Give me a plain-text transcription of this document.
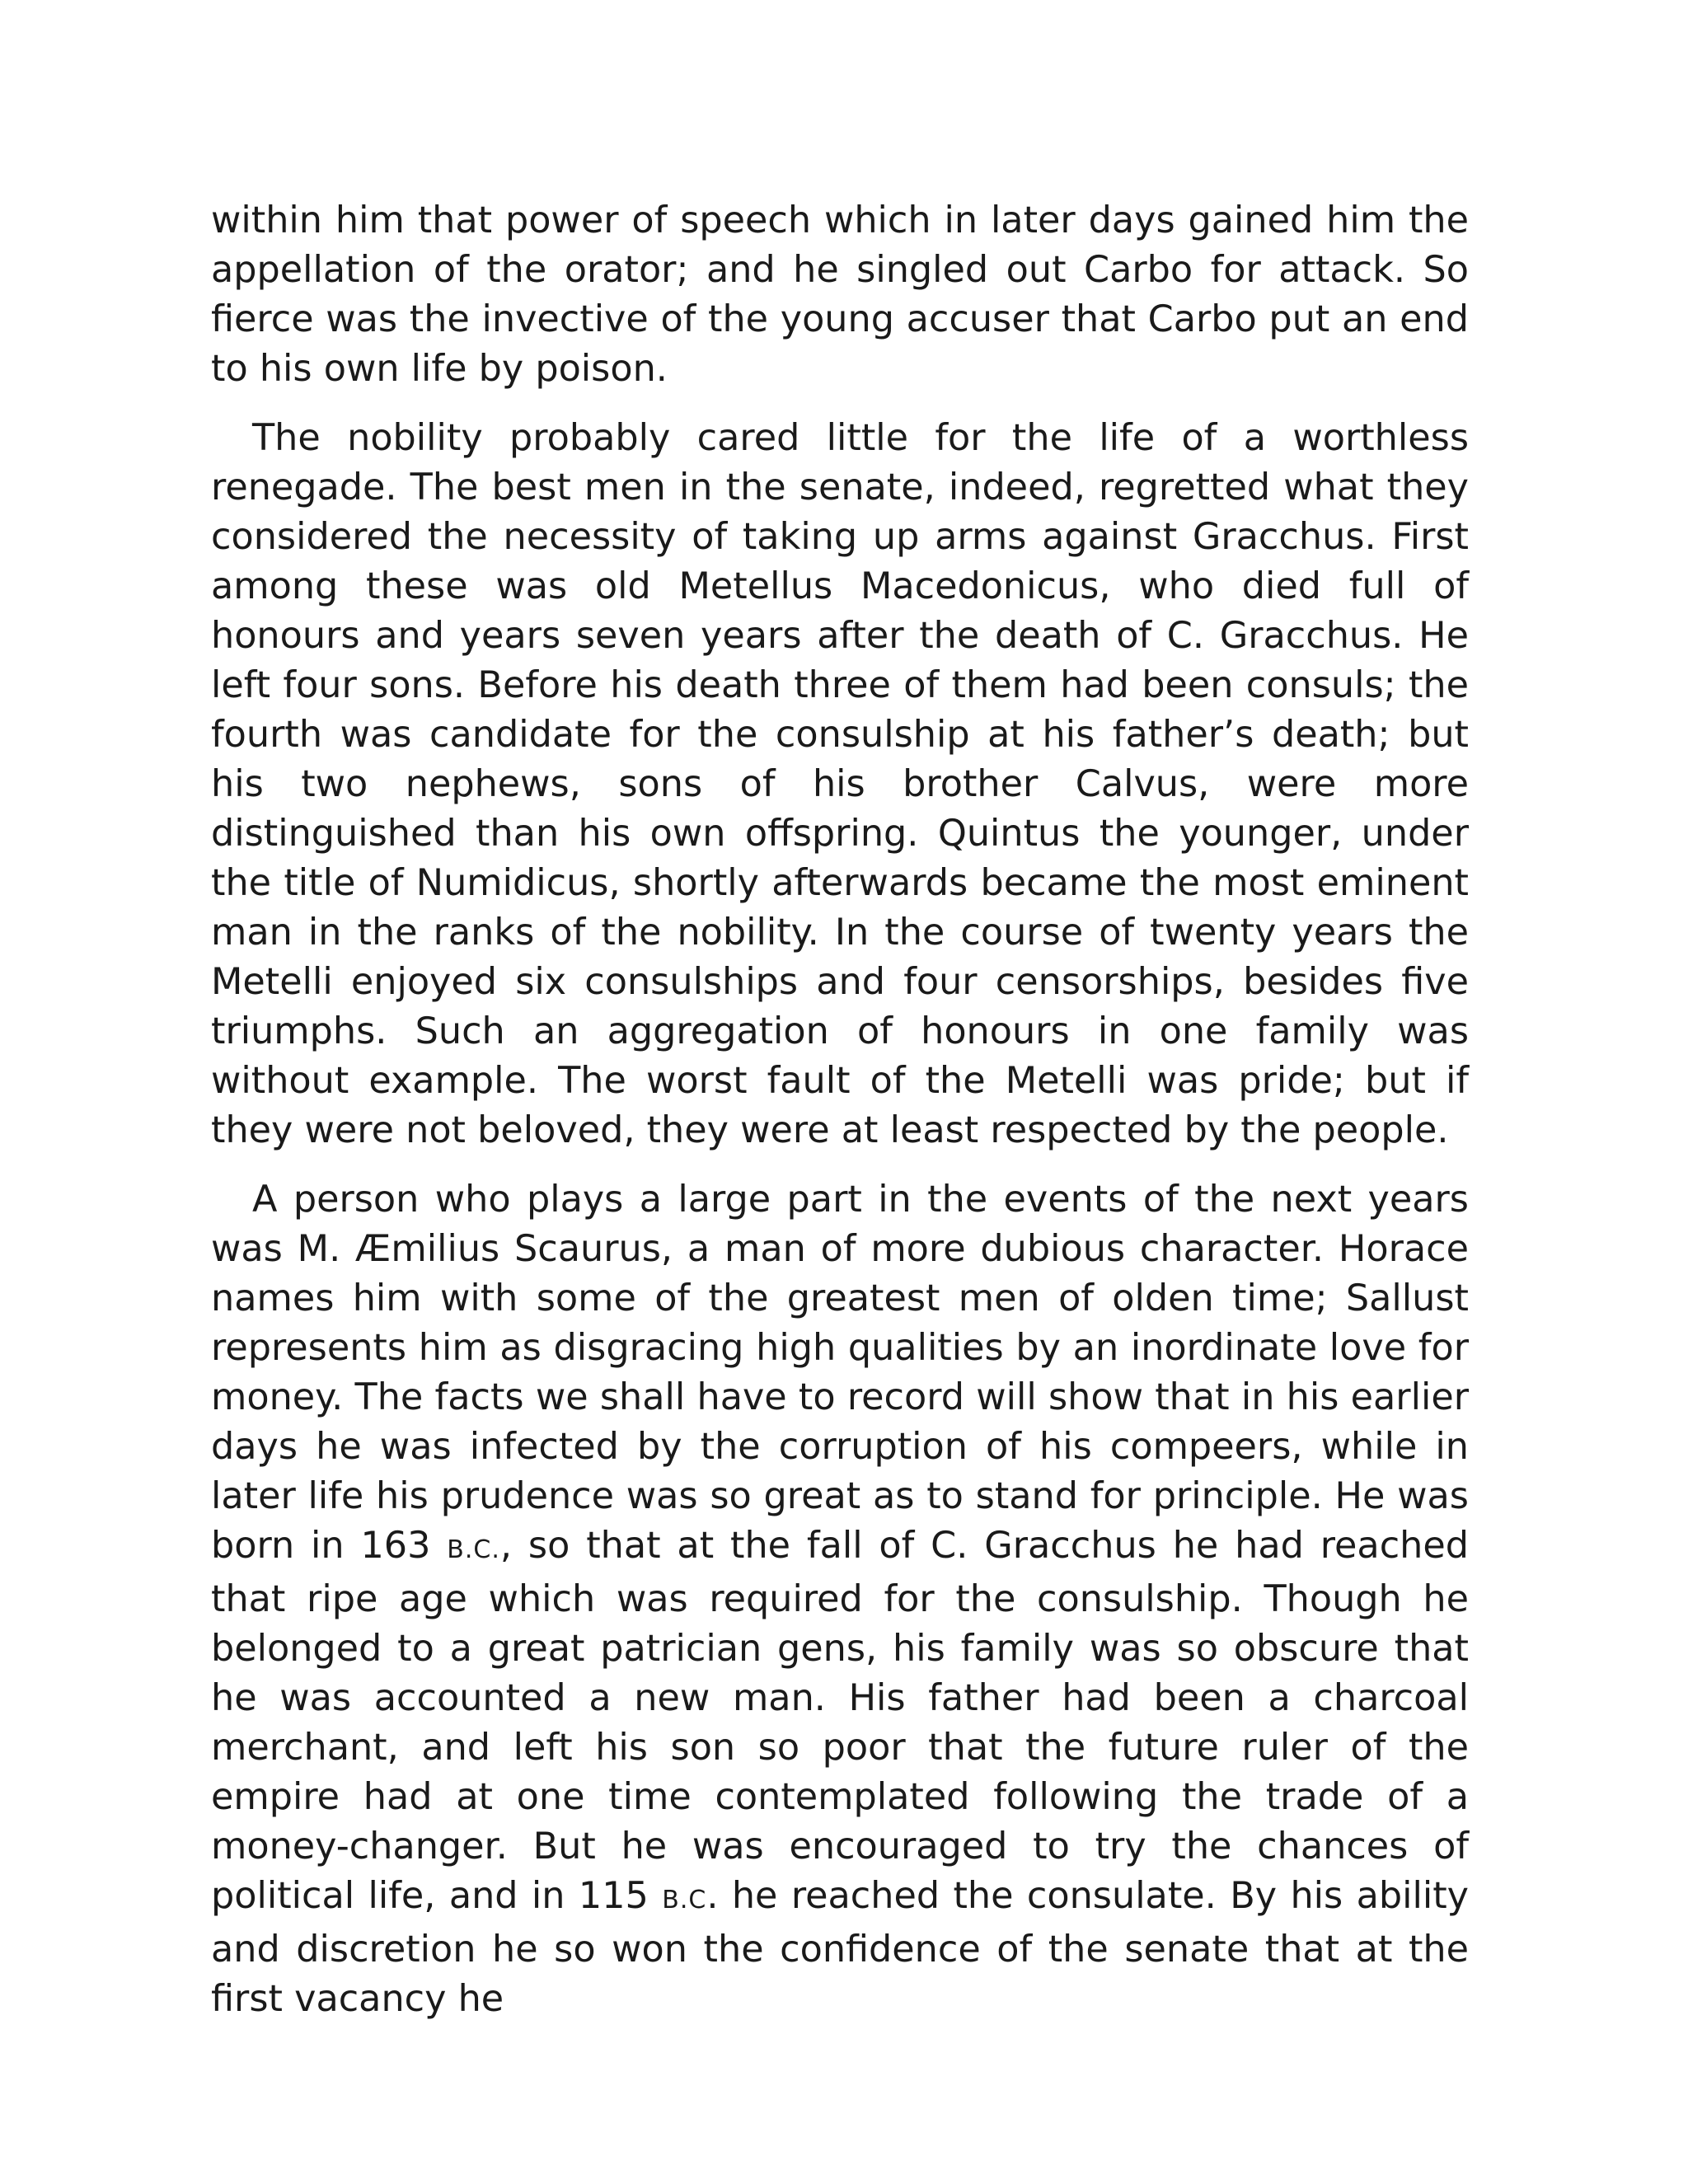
within him that power of speech which in later days gained him the appellation of the orator; and he singled out Carbo for attack. So fierce was the invective of the young accuser that Carbo put an end to his own life by poison.

The nobility probably cared little for the life of a worthless renegade. The best men in the senate, indeed, regretted what they considered the necessity of taking up arms against Gracchus. First among these was old Metellus Macedonicus, who died full of honours and years seven years after the death of C. Gracchus. He left four sons. Before his death three of them had been consuls; the fourth was candidate for the consulship at his father’s death; but his two nephews, sons of his brother Calvus, were more distinguished than his own offspring. Quintus the younger, under the title of Numidicus, shortly afterwards became the most eminent man in the ranks of the nobility. In the course of twenty years the Metelli enjoyed six consulships and four censorships, besides five triumphs. Such an aggregation of honours in one family was without example. The worst fault of the Metelli was pride; but if they were not beloved, they were at least respected by the people.

A person who plays a large part in the events of the next years was M. Æmilius Scaurus, a man of more dubious character. Horace names him with some of the greatest men of olden time; Sallust represents him as disgracing high qualities by an inordinate love for money. The facts we shall have to record will show that in his earlier days he was infected by the corruption of his compeers, while in later life his prudence was so great as to stand for principle. He was born in 163 B.C., so that at the fall of C. Gracchus he had reached that ripe age which was required for the consulship. Though he belonged to a great patrician gens, his family was so obscure that he was accounted a new man. His father had been a charcoal merchant, and left his son so poor that the future ruler of the empire had at one time contemplated following the trade of a money-changer. But he was encouraged to try the chances of political life, and in 115 B.C. he reached the consulate. By his ability and discretion he so won the confidence of the senate that at the first vacancy he
